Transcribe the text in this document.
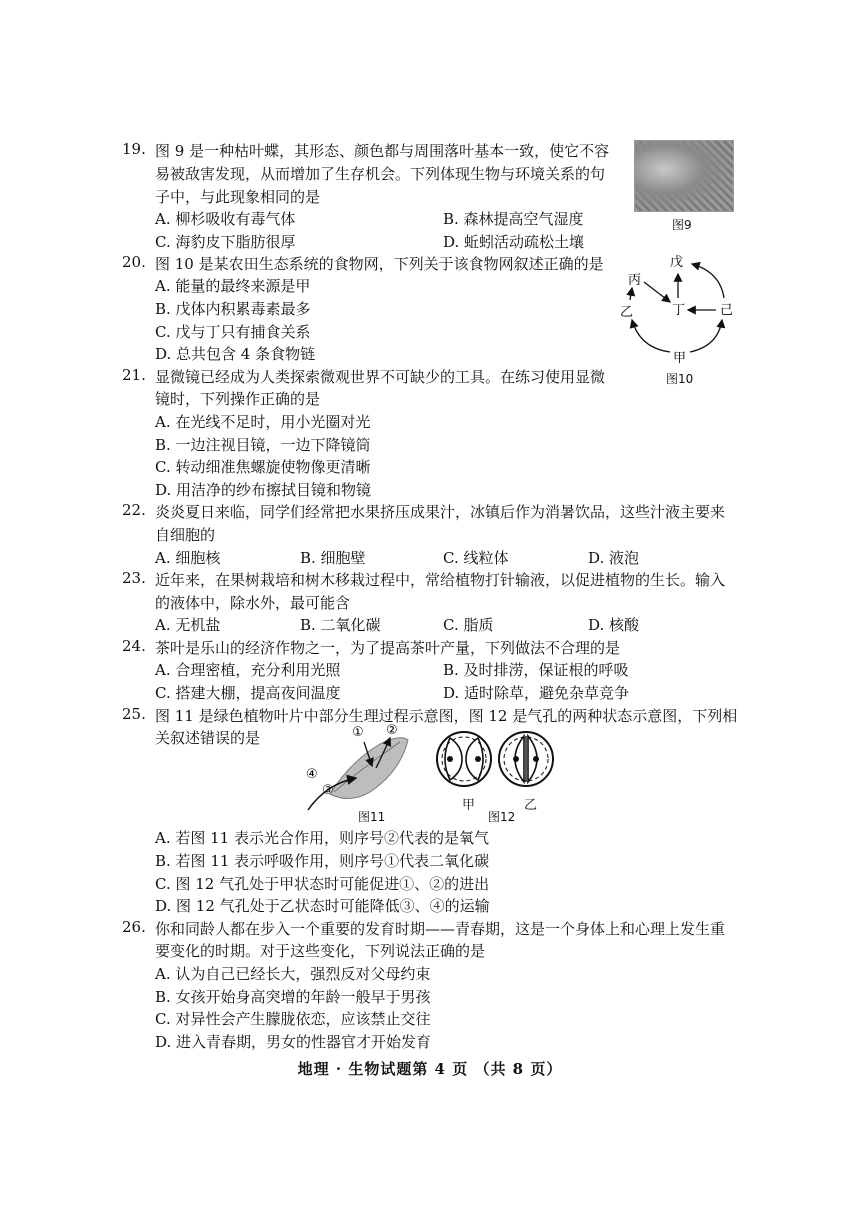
19. 图 9 是一种枯叶蝶，其形态、颜色都与周围落叶基本一致，使它不容
易被敌害发现，从而增加了生存机会。下列体现生物与环境关系的句
子中，与此现象相同的是
A. 柳杉吸收有毒气体	B. 森林提高空气湿度
C. 海豹皮下脂肪很厚	D. 蚯蚓活动疏松土壤
图9
20. 图 10 是某农田生态系统的食物网，下列关于该食物网叙述正确的是
A. 能量的最终来源是甲
B. 戊体内积累毒素最多
C. 戊与丁只有捕食关系
D. 总共包含 4 条食物链
戊
丙
丁
乙	己
甲
图10
21. 显微镜已经成为人类探索微观世界不可缺少的工具。在练习使用显微
镜时，下列操作正确的是
A. 在光线不足时，用小光圈对光
B. 一边注视目镜，一边下降镜筒
C. 转动细准焦螺旋使物像更清晰
D. 用洁净的纱布擦拭目镜和物镜
22. 炎炎夏日来临，同学们经常把水果挤压成果汁，冰镇后作为消暑饮品，这些汁液主要来
自细胞的
A. 细胞核	B. 细胞壁	C. 线粒体	D. 液泡
23. 近年来，在果树栽培和树木移栽过程中，常给植物打针输液，以促进植物的生长。输入
的液体中，除水外，最可能含
A. 无机盐	B. 二氧化碳	C. 脂质	D. 核酸
24. 茶叶是乐山的经济作物之一，为了提高茶叶产量，下列做法不合理的是
A. 合理密植，充分利用光照	B. 及时排涝，保证根的呼吸
C. 搭建大棚，提高夜间温度	D. 适时除草，避免杂草竞争
25. 图 11 是绿色植物叶片中部分生理过程示意图，图 12 是气孔的两种状态示意图，下列相
关叙述错误的是	① ②
④
③
图11
甲	乙
图12
A. 若图 11 表示光合作用，则序号②代表的是氧气
B. 若图 11 表示呼吸作用，则序号①代表二氧化碳
C. 图 12 气孔处于甲状态时可能促进①、②的进出
D. 图 12 气孔处于乙状态时可能降低③、④的运输
26. 你和同龄人都在步入一个重要的发育时期——青春期，这是一个身体上和心理上发生重
要变化的时期。对于这些变化，下列说法正确的是
A. 认为自己已经长大，强烈反对父母约束
B. 女孩开始身高突增的年龄一般早于男孩
C. 对异性会产生朦胧依恋，应该禁止交往
D. 进入青春期，男女的性器官才开始发育
地理 · 生物试题第 4 页 （共 8 页）
